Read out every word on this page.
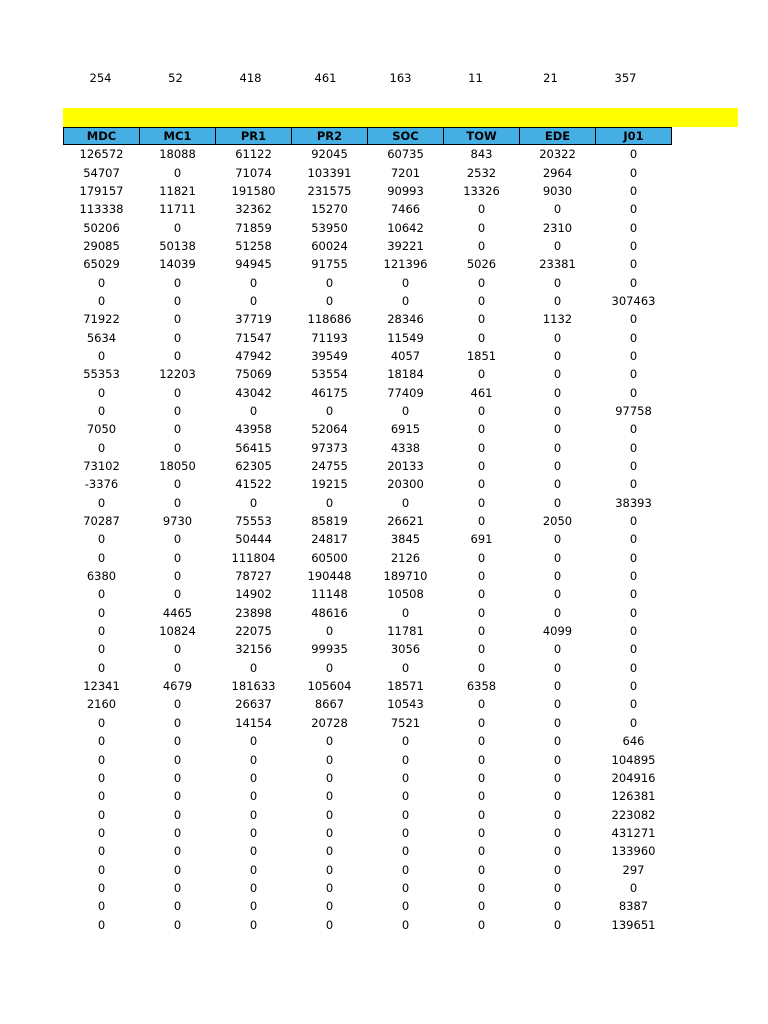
254	52	418	461	163	11	21	357
MDC	MC1	PR1	PR2	SOC	TOW	EDE	J01
126572	18088	61122	92045	60735	843	20322	0
54707	0	71074	103391	7201	2532	2964	0
179157	11821	191580	231575	90993	13326	9030	0
113338	11711	32362	15270	7466	0	0	0
50206	0	71859	53950	10642	0	2310	0
29085	50138	51258	60024	39221	0	0	0
65029	14039	94945	91755	121396	5026	23381	0
0	0	0	0	0	0	0	0
0	0	0	0	0	0	0	307463
71922	0	37719	118686	28346	0	1132	0
5634	0	71547	71193	11549	0	0	0
0	0	47942	39549	4057	1851	0	0
55353	12203	75069	53554	18184	0	0	0
0	0	43042	46175	77409	461	0	0
0	0	0	0	0	0	0	97758
7050	0	43958	52064	6915	0	0	0
0	0	56415	97373	4338	0	0	0
73102	18050	62305	24755	20133	0	0	0
-3376	0	41522	19215	20300	0	0	0
0	0	0	0	0	0	0	38393
70287	9730	75553	85819	26621	0	2050	0
0	0	50444	24817	3845	691	0	0
0	0	111804	60500	2126	0	0	0
6380	0	78727	190448	189710	0	0	0
0	0	14902	11148	10508	0	0	0
0	4465	23898	48616	0	0	0	0
0	10824	22075	0	11781	0	4099	0
0	0	32156	99935	3056	0	0	0
0	0	0	0	0	0	0	0
12341	4679	181633	105604	18571	6358	0	0
2160	0	26637	8667	10543	0	0	0
0	0	14154	20728	7521	0	0	0
0	0	0	0	0	0	0	646
0	0	0	0	0	0	0	104895
0	0	0	0	0	0	0	204916
0	0	0	0	0	0	0	126381
0	0	0	0	0	0	0	223082
0	0	0	0	0	0	0	431271
0	0	0	0	0	0	0	133960
0	0	0	0	0	0	0	297
0	0	0	0	0	0	0	0
0	0	0	0	0	0	0	8387
0	0	0	0	0	0	0	139651
